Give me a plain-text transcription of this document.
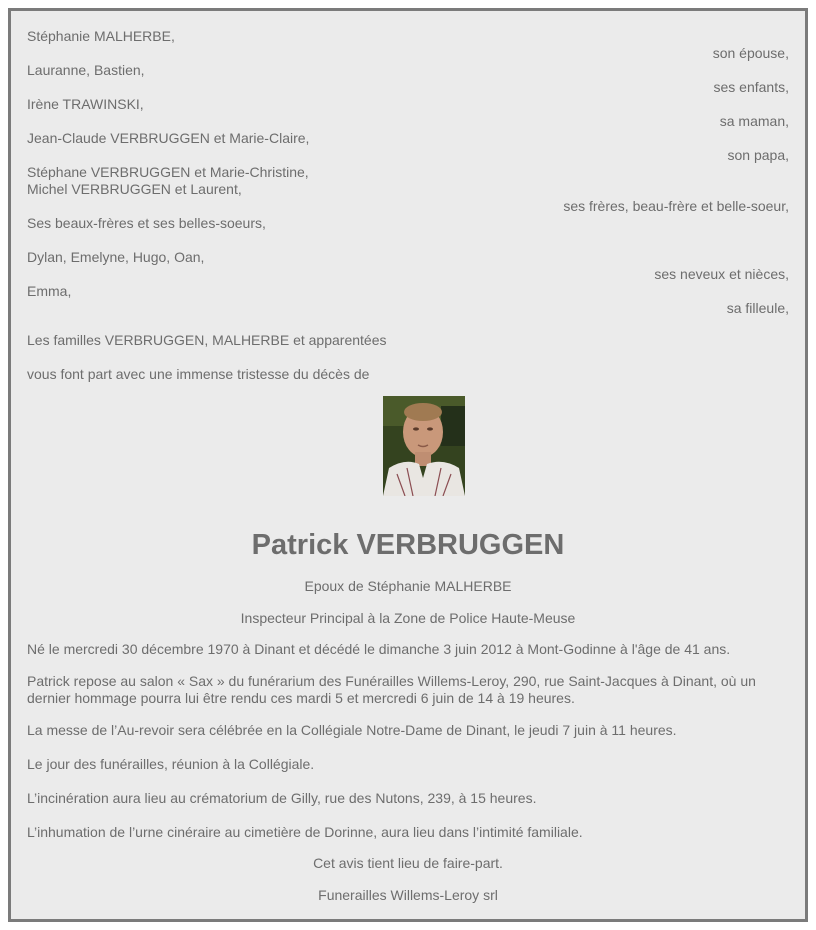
Stéphanie MALHERBE,
son épouse,
Lauranne, Bastien,
ses enfants,
Irène TRAWINSKI,
sa maman,
Jean-Claude VERBRUGGEN et Marie-Claire,
son papa,
Stéphane VERBRUGGEN et Marie-Christine,
Michel VERBRUGGEN et Laurent,
ses frères, beau-frère et belle-soeur,
Ses beaux-frères et ses belles-soeurs,
Dylan, Emelyne, Hugo, Oan,
ses neveux et nièces,
Emma,
sa filleule,
Les familles VERBRUGGEN, MALHERBE et apparentées
vous font part avec une immense tristesse du décès de
Patrick VERBRUGGEN
Epoux de Stéphanie MALHERBE
Inspecteur Principal à la Zone de Police Haute-Meuse
Né le mercredi 30 décembre 1970 à Dinant et décédé le dimanche 3 juin 2012 à Mont-Godinne à l'âge de 41 ans.
Patrick repose au salon « Sax » du funérarium des Funérailles Willems-Leroy, 290, rue Saint-Jacques à Dinant, où un dernier hommage pourra lui être rendu ces mardi 5 et mercredi 6 juin de 14 à 19 heures.
La messe de l’Au-revoir sera célébrée en la Collégiale Notre-Dame de Dinant, le jeudi 7 juin à 11 heures.
Le jour des funérailles, réunion à la Collégiale.
L’incinération aura lieu au crématorium de Gilly, rue des Nutons, 239, à 15 heures.
L’inhumation de l’urne cinéraire au cimetière de Dorinne, aura lieu dans l’intimité familiale.
Cet avis tient lieu de faire-part.
Funerailles Willems-Leroy srl
